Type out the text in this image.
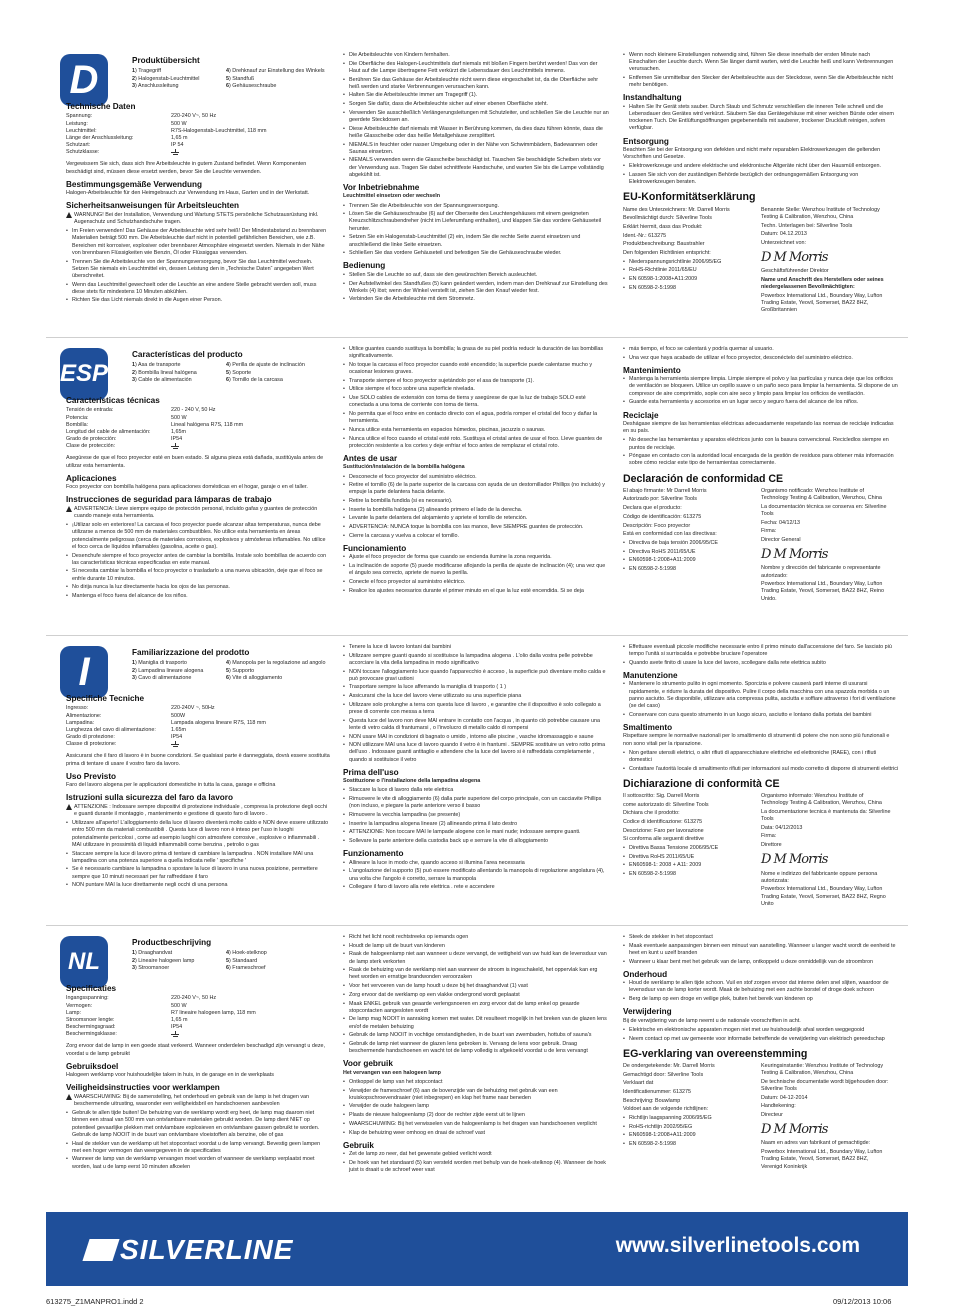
D	Produktübersicht
1) Tragegriff	4) Drehknauf zur Einstellung des Winkels
2) Halogenstab-Leuchtmittel	5) Standfuß
3) Anschlussleitung	6) Gehäuseschraube
Technische Daten
Spannung:	220-240 V~, 50 Hz
Leistung:	500 W
Leuchtmittel:	R7S-Halogenstab-Leuchtmittel, 118 mm
Länge der Anschlussleitung:	1,65 m
Schutzart:	IP 54
Schutzklasse:

Vergewissern Sie sich, dass sich Ihre Arbeitsleuchte in gutem Zustand befindet. Wenn Komponenten beschädigt sind, müssen diese ersetzt werden, bevor Sie die Leuchte verwenden.

Bestimmungsgemäße Verwendung

Halogen-Arbeitsleuchte für den Heimgebrauch zur Verwendung im Haus, Garten und in der Werkstatt.

Sicherheitsanweisungen für Arbeitsleuchten

WARNUNG! Bei der Installation, Verwendung und Wartung STETS persönliche Schutzausrüstung inkl. Augenschutz und Schutzhandschuhe tragen.

• Im Freien verwenden! Das Gehäuse der Arbeitsleuchte wird sehr heiß! Der Mindestabstand zu brennbaren Materialien beträgt 500 mm. Die Arbeitsleuchte darf nicht in potentiell gefährlichen Bereichen, wie z.B. Bereichen mit korrosiver, explosiver oder brennbarer Atmosphäre eingesetzt werden. Niemals in der Nähe von brennbaren Flüssigkeiten wie Benzin, Öl oder Flüssiggas verwenden.
• Trennen Sie die Arbeitsleuchte von der Spannungsversorgung, bevor Sie das Leuchtmittel wechseln. Setzen Sie niemals ein Leuchtmittel ein, dessen Leistung den in „Technische Daten“ angegeben Wert überschreitet.
• Wenn das Leuchtmittel gewechselt oder die Leuchte an eine andere Stelle gebracht werden soll, muss diese stets für mindestens 10 Minuten abkühlen.
• Richten Sie das Licht niemals direkt in die Augen einer Person.
• Die Arbeitsleuchte von Kindern fernhalten.
• Die Oberfläche des Halogen-Leuchtmittels darf niemals mit bloßen Fingern berührt werden! Das von der Haut auf die Lampe übertragene Fett verkürzt die Lebensdauer des Leuchtmittels immens.
• Berühren Sie das Gehäuse der Arbeitsleuchte nicht wenn diese eingeschaltet ist, da die Oberfläche sehr heiß werden und starke Verbrennungen verursachen kann.
• Halten Sie die Arbeitsleuchte immer am Tragegriff (1).
• Sorgen Sie dafür, dass die Arbeitsleuchte sicher auf einer ebenen Oberfläche steht.
• Verwenden Sie ausschließlich Verlängerungsleitungen mit Schutzleiter, und schließen Sie die Leuchte nur an geerdete Steckdosen an.
• Diese Arbeitsleuchte darf niemals mit Wasser in Berührung kommen, da dies dazu führen könnte, dass die heiße Glasscheibe oder das heiße Metallgehäuse zersplittert.
• NIEMALS in feuchter oder nasser Umgebung oder in der Nähe von Schwimmbädern, Badewannen oder Saunas einsetzen.
• NIEMALS verwenden wenn die Glasscheibe beschädigt ist. Tauschen Sie beschädigte Scheiben stets vor der Verwendung aus. Tragen Sie dabei schnittfeste Handschuhe, und warten Sie bis die Lampe vollständig abgekühlt ist.
Vor Inbetriebnahme

Leuchtmittel einsetzen oder wechseln

• Trennen Sie die Arbeitsleuchte von der Spannungsversorgung.
• Lösen Sie die Gehäuseschraube (6) auf der Oberseite des Leuchtengehäuses mit einem geeigneten Kreuzschlitzschraubendreher (nicht im Lieferumfang enthalten), und klappen Sie das vordere Gehäuseteil herunter.
• Setzen Sie ein Halogenstab-Leuchtmittel (2) ein, indem Sie die rechte Seite zuerst einsetzen und anschließend die linke Seite einsetzen.
• Schließen Sie das vordere Gehäuseteil und befestigen Sie die Gehäuseschraube wieder.
Bedienung
• Stellen Sie die Leuchte so auf, dass sie den gewünschten Bereich ausleuchtet.
• Der Aufstellwinkel des Standfußes (5) kann geändert werden, indem man den Drehknauf zur Einstellung des Winkels (4) löst; wenn der Winkel verstellt ist, ziehen Sie den Knauf wieder fest.
• Verbinden Sie die Arbeitsleuchte mit dem Stromnetz.
• Wenn noch kleinere Einstellungen notwendig sind, führen Sie diese innerhalb der ersten Minute nach Einschalten der Leuchte durch. Wenn Sie länger damit warten, wird die Leuchte heiß und kann Verbrennungen verursachen.
• Entfernen Sie unmittelbar den Stecker der Arbeitsleuchte aus der Steckdose, wenn Sie die Arbeitsleuchte nicht mehr benötigen.
Instandhaltung
• Halten Sie Ihr Gerät stets sauber. Durch Staub und Schmutz verschleißen die inneren Teile schnell und die Lebensdauer des Gerätes wird verkürzt. Säubern Sie das Gerätegehäuse mit einer weichen Bürste oder einem trockenen Tuch. Die Entlüftungsöffnungen gegebenenfalls mit sauberer, trockener Druckluft reinigen, sofern verfügbar.
Entsorgung

Beachten Sie bei der Entsorgung von defekten und nicht mehr reparablen Elektrowerkzeugen die geltenden Vorschriften und Gesetze.

• Elektrowerkzeuge und andere elektrische und elektronische Altgeräte nicht über den Hausmüll entsorgen.
• Lassen Sie sich von der zuständigen Behörde bezüglich der ordnungsgemäßen Entsorgung von Elektrowerkzeugen beraten.
EU-Konformitätserklärung

Name des Unterzeichners: Mr. Darrell Morris

Bevollmächtigt durch: Silverline Tools

Erklärt hiermit, dass das Produkt:

Ident.-Nr.: 613275

Produktbeschreibung: Baustrahler

Den folgenden Richtlinien entspricht:

• Niederspannungsrichtlinie 2006/95/EG
• RoHS-Richtlinie 2011/65/EU
• EN 60598-1:2008+A11:2009
• EN 60598-2-5:1998

Benannte Stelle: Wenzhou Institute of Technology Testing & Calibration, Wenzhou, China

Techn. Unterlagen bei: Silverline Tools

Datum: 04.12.2013

Unterzeichnet von:

D M Morris

Geschäftsführender Direktor

Name und Anschrift des Herstellers oder seines niedergelassenen Bevollmächtigten:

Powerbox International Ltd., Boundary Way, Lufton Trading Estate, Yeovil, Somerset, BA22 8HZ, Großbritannien

ESP
Características del producto
1) Asa de transporte	4) Perilla de ajuste de inclinación
2) Bombilla lineal halógena	5) Soporte
3) Cable de alimentación	6) Tornillo de la carcasa
Características técnicas
Tensión de entrada:	220 - 240 V, 50 Hz
Potencia:	500 W
Bombilla:	Lineal halógena R7S, 118 mm
Longitud del cable de alimentación:	1,65m
Grado de protección:	IP54
Clase de protección:

Asegúrese de que el foco proyector esté en buen estado. Si alguna pieza está dañada, sustitúyala antes de utilizar esta herramienta.

Aplicaciones

Foco proyector con bombilla halógena para aplicaciones domésticas en el hogar, garaje o en el taller.

Instrucciones de seguridad para lámparas de trabajo

ADVERTENCIA: Lleve siempre equipo de protección personal, incluido gafas y guantes de protección cuando maneje esta herramienta.

• ¡Utilizar solo en exteriores! La carcasa el foco proyector puede alcanzar altas temperaturas, nunca debe utilizarse a menos de 500 mm de materiales combustibles. No utilice esta herramienta en áreas potencialmente peligrosas (cerca de materiales corrosivos, explosivos y atmósferas inflamables. No utilice el foco cerca de líquidos inflamables (gasolina, aceite o gas).
• Desenchufe siempre el foco proyector antes de cambiar la bombilla. Instale solo bombillas de acuerdo con las características técnicas especificadas en este manual.
• Si necesita cambiar la bombilla el foco proyector o trasladarlo a una nueva ubicación, deje que el foco se enfríe durante 10 minutos.
• No dirija nunca la luz directamente hacia los ojos de las personas.
• Mantenga el foco fuera del alcance de los niños.
• Utilice guantes cuando sustituya la bombilla; la grasa de su piel podría reducir la duración de las bombillas significativamente.
• No toque la carcasa el foco proyector cuando esté encendido; la superficie puede calentarse mucho y ocasionar lesiones graves.
• Transporte siempre el foco proyector sujetándolo por el asa de transporte (1).
• Utilice siempre el foco sobre una superficie nivelada.
• Use SOLO cables de extensión con toma de tierra y asegúrese de que la luz de trabajo SOLO esté conectada a una toma de corriente con toma de tierra.
• No permita que el foco entre en contacto directo con el agua, podría romper el cristal del foco y dañar la herramienta.
• Nunca utilice esta herramienta en espacios húmedos, piscinas, jacuzzis o saunas.
• Nunca utilice el foco cuando el cristal esté roto. Sustituya el cristal antes de usar el foco. Lleve guantes de protección resistente a los cortes y deje enfriar el foco antes de remplazar el cristal roto.
Antes de usar

Sustitución/instalación de la bombilla halógena

• Desconecte el foco proyector del suministro eléctrico.
• Retire el tornillo (6) de la parte superior de la carcasa con ayuda de un destornillador Phillips (no incluido) y empuje la parte delantera hacia delante.
• Retire la bombilla fundida (si es necesario).
• Inserte la bombilla halógena (2) alineando primero el lado de la derecha.
• Levante la parte delantera del alojamiento y apriete el tornillo de retención.
• ADVERTENCIA: NUNCA toque la bombilla con las manos, lleve SIEMPRE guantes de protección.
• Cierre la carcasa y vuelva a colocar el tornillo.
Funcionamiento
• Ajuste el foco proyector de forma que cuando se encienda ilumine la zona requerida.
• La inclinación de soporte (5) puede modificarse aflojando la perilla de ajuste de inclinación (4); una vez que el ángulo sea correcto, apriete de nuevo la perilla.
• Conecte el foco proyector al suministro eléctrico.
• Realice los ajustes necesarios durante el primer minuto en el que la luz esté encendida. Si se deja
• más tiempo, el foco se calentará y podría quemar al usuario.
• Una vez que haya acabado de utilizar el foco proyector, desconéctelo del suministro eléctrico.
Mantenimiento
• Mantenga la herramienta siempre limpia. Limpie siempre el polvo y las partículas y nunca deje que los orificios de ventilación se bloqueen. Utilice un cepillo suave o un paño seco para limpiar la herramienta. Si dispone de un compresor de aire comprimido, sople con aire seco y limpio para limpiar los orificios de ventilación.
• Guarde esta herramienta y accesorios en un lugar seco y seguro fuera del alcance de los niños.
Reciclaje

Deshágase siempre de las herramientas eléctricas adecuadamente respetando las normas de reciclaje indicadas en su país.

• No deseche las herramientas y aparatos eléctricos junto con la basura convencional. Recicledlos siempre en puntos de reciclaje.
• Póngase en contacto con la autoridad local encargada de la gestión de residuos para obtener más información sobre cómo reciclar este tipo de herramientas correctamente.
Declaración de conformidad CE

El abajo firmante: Mr Darrell Morris

Autorizado por: Silverline Tools

Declara que el producto:

Código de identificación: 613275

Descripción: Foco proyector

Está en conformidad con las directivas:

• Directiva de baja tensión 2006/95/CE
• Directiva RoHS 2011/65/UE
• EN60598-1:2008+A11:2009
• EN 60598-2-5:1998

Organismo notificado: Wenzhou Institute of Technology Testing & Calibration, Wenzhou, China

La documentación técnica se conserva en: Silverline Tools

Fecha: 04/12/13

Firma:

Director General

D M Morris

Nombre y dirección del fabricante o representante autorizado:

Powerbox International Ltd., Boundary Way, Lufton Trading Estate, Yeovil, Somerset, BA22 8HZ, Reino Unido.

I	Familiarizzazione del prodotto
1) Maniglia di trasporto	4) Manopola per la regolazione ad angolo
2) Lampadina lineare alogena	5) Supporto
3) Cavo di alimentazione	6) Vite di alloggiamento
Specifiche Tecniche
Ingresso:	220-240V ~, 50Hz
Alimentazione:	500W
Lampadina:	Lampada alogena lineare R7S, 118 mm
Lunghezza del cavo di alimentazione:	1.65m
Grado di protezione:	IP54
Classe di protezione:

Assicurarsi che il faro di lavoro è in buone condizioni. Se qualsiasi parte è danneggiata, dovrà essere sostituita prima di tentare di usare il vostro faro da lavoro.

Uso Previsto

Faro del lavoro alogena per le applicazioni domestiche in tutta la casa, garage e officina

Istruzioni sulla sicurezza del faro da lavoro

ATTENZIONE : Indossare sempre dispositivi di protezione individuale , compresa la protezione degli occhi e guanti durante il montaggio , mantenimento e gestione di questo faro di lavoro .

• Utilizzare all'aperto! L'alloggiamento della luce di lavoro diventerà molto caldo e NON deve essere utilizzato entro 500 mm da materiali combustibili . Questa luce di lavoro non è inteso per l'uso in luoghi potenzialmente pericolosi , come ad esempio luoghi con atmosfere corrosive , esplosive o infiammabili . MAI utilizzare in prossimità di liquidi infiammabili come benzina , petrolio o gas
• Staccare sempre la luce di lavoro prima di tentare di cambiare la lampadina . NON installare MAI una lampadina con una potenza superiore a quella indicata nelle ' specifiche '
• Se è necessario cambiare la lampadina o spostare la luce di lavoro in una nuova posizione, permettere sempre que 10 minuti necessari per far raffreddare il faro
• NON puntare MAI la luce direttamente negli occhi di una persona
• Tenere la luce di lavoro lontani dai bambini
• Utilizzare sempre guanti quando si sostituisce la lampadina alogena . L'olio dalla vostra pelle potrebbe accorciare la vita della lampadina in modo significativo
• NON toccare l'alloggiamento luce quando l'apparecchio è acceso , la superficie può diventare molto calda e può provocare gravi ustioni
• Trasportare sempre la luce afferrando la maniglia di trasporto ( 1 )
• Assicurarsi che la luce del lavoro viene utilizzato su una superficie piana
• Utilizzare solo prolunghe a terra con questa luce di lavoro , e garantire che il dispositivo è solo collegato a prese di corrente con messa a terra
• Questa luce del lavoro non deve MAI entrare in contatto con l'acqua , in quanto ciò potrebbe causare una lente di vetro calda di frantumarsi , o l'involucro di metallo caldo di rompersi
• NON usare MAI in condizioni di bagnato o umido , intorno alle piscine , vasche idromassaggio e saune
• NON utilizzare MAI una luce di lavoro quando il vetro è in frantumi . SEMPRE sostituire un vetro rotto prima dell'uso . Indossare guanti antitaglio e attendere che la luce del lavoro si è raffreddata completamente , quando si sostituisce il vetro
Prima dell'uso

Sostituzione o l'installazione della lampadina alogena

• Staccare la luce di lavoro dalla rete elettrica
• Rimuovere le vite di alloggiamento (6) dalla parte superiore del corpo principale, con un cacciavite Phillips (non incluso, e piegare la parte anteriore verso il basso
• Rimuovere la vecchia lampadina (se presente)
• Inserire la lampadina alogena lineare (2) allineando prima il lato destro
• ATTENZIONE: Non toccare MAI le lampade alogene con le mani nude; indossare sempre guanti.
• Sollevare la parte anteriore della custodia back up e serrare la vite di alloggiamento
Funzionamento
• Allineare la luce in modo che, quando acceso si illumina l'area necessaria
• L'angolazione del supporto (5) può essere modificato allentando la manopola di regolazione angolatura (4), una volta che l'angolo è corretto, serrare la manopola
• Collegare il faro di lavoro alla rete elettrica . rete e accendere
• Effettuare eventuali piccole modifiche necessarie entro il primo minuto dall'accensione del faro. Se lasciato più tempo l'unità si surriscalda e potrebbe bruciare l'operatore
• Quando avete finito di usare la luce del lavoro, scollegare dalla rete elettrica subito
Manutenzione
• Mantenere lo strumento pulito in ogni momento. Sporcizia e polvere causerà parti interne di usurarsi rapidamente, e ridurre la durata del dispositivo. Pulire il corpo della macchina con una spazzola morbida o un panno asciutto. Se disponibile, utilizzare aria compressa pulita, asciutta e soffiare attraverso i fori di ventilazione (se del caso)
• Conservare con cura questo strumento in un luogo sicuro, asciutto e lontano dalla portata dei bambini
Smaltimento

Rispettare sempre le normative nazionali per lo smaltimento di strumenti di potere che non sono più funzionali e non sono vitali per la riparazione.

• Non gettare utensili elettrici, o altri rifiuti di apparecchiature elettriche ed elettroniche (RAEE), con i rifiuti domestici
• Contattare l'autorità locale di smaltimento rifiuti per informazioni sul modo corretto di disporre di strumenti elettrici
Dichiarazione di conformità CE

Il sottoscritto: Sig. Darrell Morris

come autorizzato di: Silverline Tools

Dichiara che il prodotto:

Codice di identificazione: 613275

Descrizione: Faro per lavorazione

Si conforma alle seguenti direttive

• Direttiva Bassa Tensione 2006/95/CE
• Direttiva RoHS 2011/65/UE
• EN60598-1: 2008 + A11: 2009
• EN 60598-2-5:1998

Organismo informato: Wenzhou Institute of Technology Testing & Calibration, Wenzhou, China

La documentazione tecnica è mantenuta da: Silverline Tools

Data: 04/12/2013

Firma:

Direttore

D M Morris

Nome e indirizzo del fabbricante oppure persona autorizzata:

Powerbox International Ltd., Boundary Way, Lufton Trading Estate, Yeovil, Somerset, BA22 8HZ, Regno Unito

NL
Productbeschrijving
1) Draaghandvat	4) Hoek-stelknop
2) Lineaire halogeen lamp	5) Standaard
3) Stroomsnoer	6) Frameschroef
Specificaties
Ingangsspanning:	220-240 V~, 50 Hz
Vermogen:	500 W
Lamp:	R7 lineaire halogeen lamp, 118 mm
Stroomsnoer lengte:	1,65 m
Beschermingsgraad:	IP54
Beschermingsklasse:

Zorg ervoor dat de lamp in een goede staat verkeerd. Wanneer onderdelen beschadigd zijn vervangt u deze, voordat u de lamp gebruikt

Gebruiksdoel

Halogeen werklamp voor huishoudelijke taken in huis, in de garage en in de werkplaats

Veiligheidsinstructies voor werklampen

WAARSCHUWING: Bij de samenstelling, het onderhoud en gebruik van de lamp is het dragen van beschermende uitrusting, waaronder een veiligheidsbril en handschoenen aanbevolen

• Gebruik te allen tijde buiten! De behuizing van de werklamp wordt erg heet, de lamp mag daarom niet binnen een straal van 500 mm van ontvlambare materialen gebruikt worden. De lamp dient NIET op potentieel gevaarlijke plekken met ontvlambare explosieven en ontvlambare gassen gebruikt te worden. Gebruik de lamp NOOIT in de buurt van ontvlambare vloeistoffen als benzine, olie of gas
• Haal de stekker van de werklamp uit het stopcontact voordat u de lamp vervangt. Bevestig geen lampen met een hoger vermogen dan weergegeven in de specificaties
• Wanneer de lamp van de werklamp vervangen moet worden of wanneer de werklamp verplaatst moet worden, laat u de lamp eerst 10 minuten afkoelen
• Richt het licht nooit rechtstreeks op iemands ogen
• Houdt de lamp uit de buurt van kinderen
• Raak de halogeenlamp niet aan wanneer u deze vervangt, de vettigheid van uw huid kan de levensduur van de lamp sterk verkorten
• Raak de behuizing van de werklamp niet aan wanneer de stroom is ingeschakeld, het oppervlak kan erg heet worden en ernstige brandwonden veroorzaken
• Voor het vervoeren van de lamp houdt u deze bij het draaghandvat (1) vast
• Zorg ervoor dat de werklamp op een vlakke ondergrond wordt geplaatst
• Maak ENKEL gebruik van geaarde verlengsnoeren en zorg ervoor dat de lamp enkel op geaarde stopcontacten aangesloten wordt
• De lamp mag NOOIT in aanraking komen met water. Dit resulteert mogelijk in het breken van de glazen lens en/of de metalen behuizing
• Gebruik de lamp NOOIT in vochtige omstandigheden, in de buurt van zwembaden, hottubs of sauna's
• Gebruik de lamp niet wanneer de glazen lens gebroken is. Vervang de lens voor gebruik. Draag beschermende handschoenen en wacht tot de lamp volledig is afgekoeld voordat u de lens vervangt
Voor gebruik

Het vervangen van een halogeen lamp

• Ontkoppel de lamp van het stopcontact
• Verwijder de frameschroef (6) aan de bovenzijde van de behuizing met gebruik van een kruiskopschroevendraaier (niet inbegrepen) en klap het frame naar beneden
• Verwijder de oude halogeen lamp
• Plaats de nieuwe halogeenlamp (2) door de rechter zijde eerst uit te lijnen
• WAARSCHUWING: Bij het verwisselen van de halogeenlamp is het dragen van handschoenen verplicht
• Klap de behuizing weer omhoog en draai de schroef vast
Gebruik
• Zet de lamp zo neer, dat het gewenste gebied verlicht wordt
• De hoek van het standaard (5) kan versteld worden met behulp van de hoek-stelknop (4). Wanneer de hoek juist is draait u de schroef weer vast
• Steek de stekker in het stopcontact
• Maak eventuele aanpassingen binnen een minuut van aanstelling. Wanneer u langer wacht wordt de eenheid te heet en kunt u uzelf branden
• Wanneer u klaar bent met het gebruik van de lamp, ontkoppeld u deze onmiddellijk van de stroombron
Onderhoud
• Houd de werklamp te allen tijde schoon. Vuil en stof zorgen ervoor dat interne delen snel slijten, waardoor de levensduur van de lamp korter wordt. Maak de behuizing met een zachte borstel of droge doek schoon
• Berg de lamp op een droge en veilige plek, buiten het bereik van kinderen op
Verwijdering

Bij de verwijdering van de lamp neemt u de nationale voorschriften in acht.

• Elektrische en elektronische apparaten mogen niet met uw huishoudelijk afval worden weggegooid
• Neem contact op met uw gemeente voor informatie betreffende de verwijdering van elektrisch gereedschap
EG-verklaring van overeenstemming

De ondergetekende: Mr. Darrell Morris

Gemachtigd door: Silverline Tools

Verklaart dat

Identificatienummer: 613275

Beschrijving: Bouwlamp

Voldoet aan de volgende richtlijnen:

• Richtlijn laagspanning 2006/95/EG
• RoHS-richtlijn 2002/95/EG
• EN60598-1:2008+A11:2009
• EN 60598-2-5:1998

Keuringsinstantie: Wenzhou Institute of Technology Testing & Calibration, Wenzhou, China

De technische documentatie wordt bijgehouden door: Silverline Tools

Datum: 04-12-2014

Handtekening:

Directeur

D M Morris

Naam en adres van fabrikant of gemachtigde:

Powerbox International Ltd., Boundary Way, Lufton Trading Estate, Yeovil, Somerset, BA22 8HZ, Verenigd Koninkrijk

SILVERLINE	www.silverlinetools.com
613275_Z1MANPRO1.indd 2	09/12/2013 10:06
